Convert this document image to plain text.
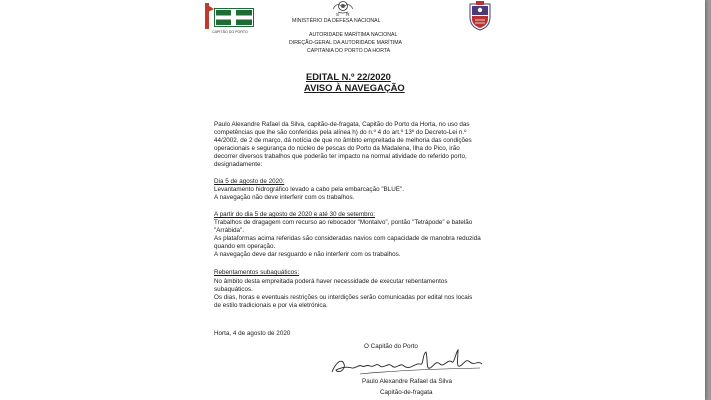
CAPITÃO DO PORTO
S R
MINISTÉRIO DA DEFESA NACIONAL
AUTORIDADE MARÍTIMA NACIONAL
DIREÇÃO-GERAL DA AUTORIDADE MARÍTIMA
CAPITANIA DO PORTO DA HORTA
EDITAL N.º 22/2020
AVISO À NAVEGAÇÃO
Paulo Alexandre Rafael da Silva, capitão-de-fragata, Capitão do Porto da Horta, no uso das
competências que lhe são conferidas pela alínea h) do n.º 4 do art.º 13º do Decreto-Lei n.º
44/2002, de 2 de março, dá notícia de que no âmbito empreitada de melhoria das condições
operacionais e segurança do núcleo de pescas do Porto da Madalena, Ilha do Pico, irão
decorrer diversos trabalhos que poderão ter impacto na normal atividade do referido porto,
designadamente:
Dia 5 de agosto de 2020:
Levantamento hidrográfico levado a cabo pela embarcação "BLUE".
A navegação não deve interferir com os trabalhos.
A partir do dia 5 de agosto de 2020 e até 30 de setembro:
Trabalhos de dragagem com recurso ao rebocador "Montalvo", pontão "Tetrápode" e batelão
"Arrábida".
As plataformas acima referidas são consideradas navios com capacidade de manobra reduzida
quando em operação.
A navegação deve dar resguardo e não interferir com os trabalhos.
Rebentamentos subaquáticos:
No âmbito desta empreitada poderá haver necessidade de executar rebentamentos
subaquáticos.
Os dias, horas e eventuais restrições ou interdições serão comunicadas por edital nos locais
de estilo tradicionais e por via eletrónica.
Horta, 4 de agosto de 2020
O Capitão do Porto
Paulo Alexandre Rafael da Silva
Capitão-de-fragata
